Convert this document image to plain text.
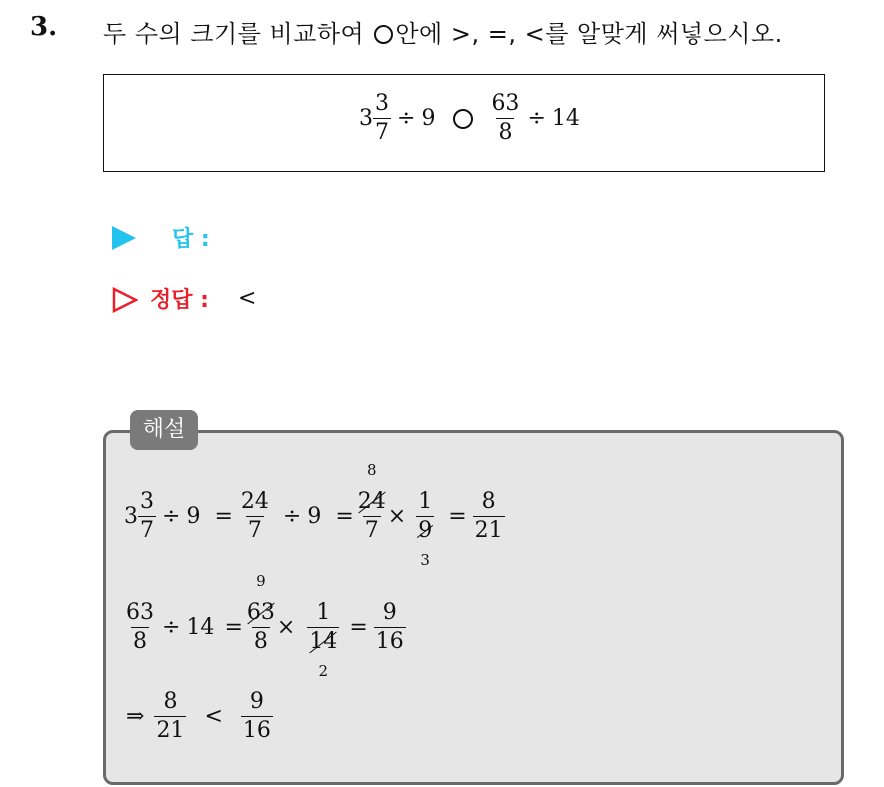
3. 두 수의 크기를 비교하여 안에 >, =, <를 알맞게 써넣으시오.
$3 \frac{3}{7} \div 9 \frac{63}{8} \div 14$
답 :
정답 : <
해설
$3 \frac{3}{7} \div 9 = \frac{24}{7} \div 9 = 8$
24
7 × 1
9
$3 = \frac{8}{21}$
$\frac{63}{8} \div 14 = 9$
63
8 × 1
14
$2 = \frac{9}{16}$
⇒ $\frac{8}{21} < \frac{9}{16}$
